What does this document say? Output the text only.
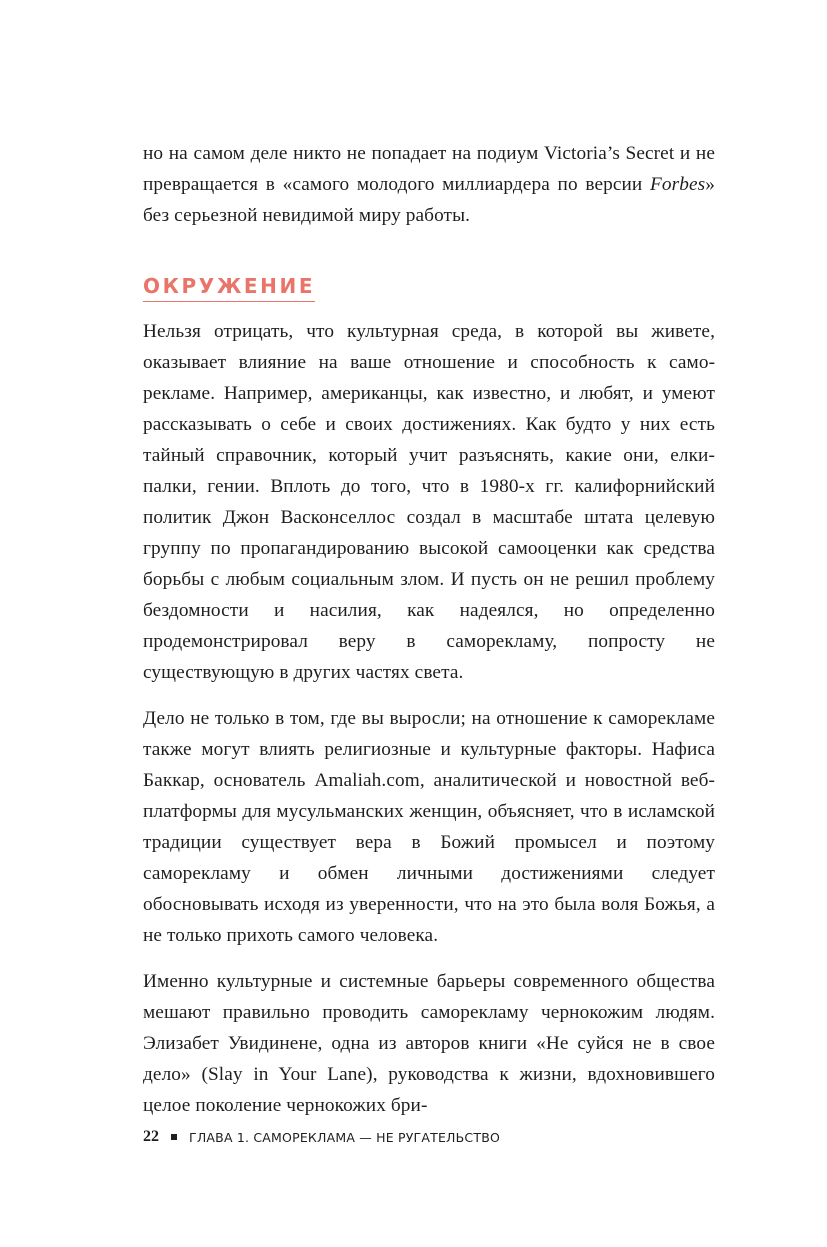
но на самом деле никто не попадает на подиум Victoria’s Secret и не превращается в «самого молодого миллиардера по версии Forbes» без серьезной невидимой миру работы.

ОКРУЖЕНИЕ

Нельзя отрицать, что культурная среда, в которой вы живете, оказывает влияние на ваше отношение и способность к саморекламе. Например, американцы, как известно, и любят, и умеют рассказывать о себе и своих достижениях. Как будто у них есть тайный справочник, который учит разъяснять, какие они, елки-палки, гении. Вплоть до того, что в 1980-х гг. калифорнийский политик Джон Васконселлос создал в масштабе штата целевую группу по пропагандированию высокой самооценки как средства борьбы с любым социальным злом. И пусть он не решил проблему бездомности и насилия, как надеялся, но определенно продемонстрировал веру в саморекламу, попросту не существующую в других частях света.

Дело не только в том, где вы выросли; на отношение к саморекламе также могут влиять религиозные и культурные факторы. Нафиса Баккар, основатель Amaliah.com, аналитической и новостной веб-платформы для мусульманских женщин, объясняет, что в исламской традиции существует вера в Божий промысел и поэтому саморекламу и обмен личными достижениями следует обосновывать исходя из уверенности, что на это была воля Божья, а не только прихоть самого человека.

Именно культурные и системные барьеры современного общества мешают правильно проводить саморекламу чернокожим людям. Элизабет Увидинене, одна из авторов книги «Не суйся не в свое дело» (Slay in Your Lane), руководства к жизни, вдохновившего целое поколение чернокожих бри-

22 ГЛАВА 1. САМОРЕКЛАМА — НЕ РУГАТЕЛЬСТВО
